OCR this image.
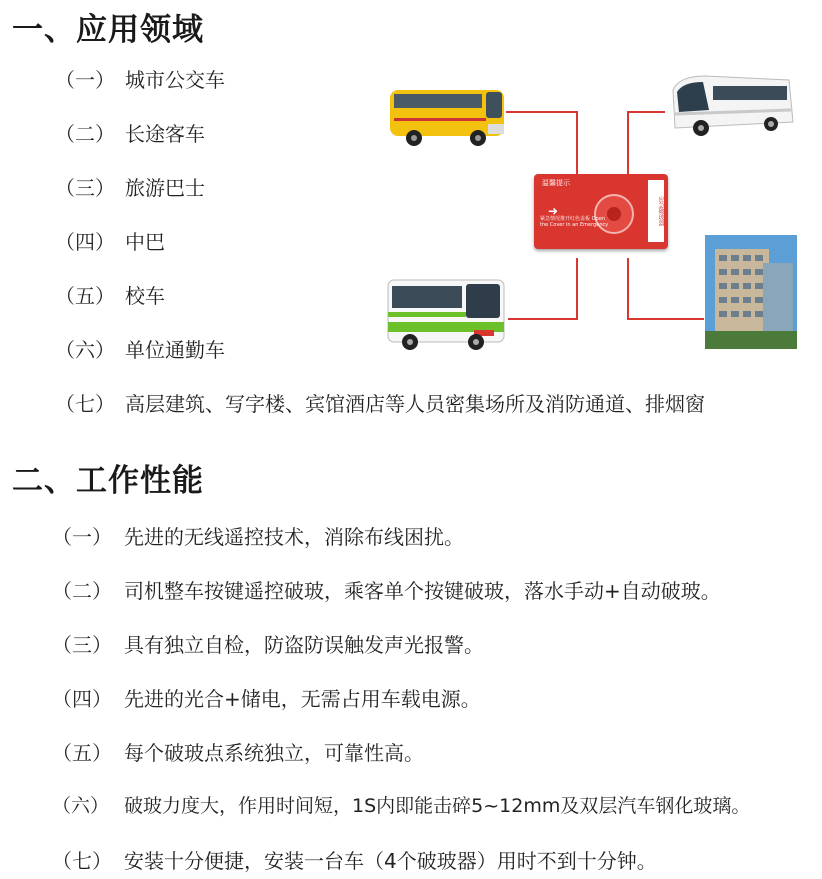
一、应用领域
（一） 城市公交车
（二） 长途客车
（三） 旅游巴士
（四） 中巴
（五） 校车
（六） 单位通勤车
（七） 高层建筑、写字楼、宾馆酒店等人员密集场所及消防通道、排烟窗
温馨提示
➜
紧急情况推开红色盖板 Open the Cover in an Emergency	应急破玻器
二、工作性能
（一） 先进的无线遥控技术，消除布线困扰。
（二） 司机整车按键遥控破玻，乘客单个按键破玻，落水手动+自动破玻。
（三） 具有独立自检，防盗防误触发声光报警。
（四） 先进的光合+储电，无需占用车载电源。
（五） 每个破玻点系统独立，可靠性高。
（六） 破玻力度大，作用时间短，1S内即能击碎5~12mm及双层汽车钢化玻璃。
（七） 安装十分便捷，安装一台车（4个破玻器）用时不到十分钟。
